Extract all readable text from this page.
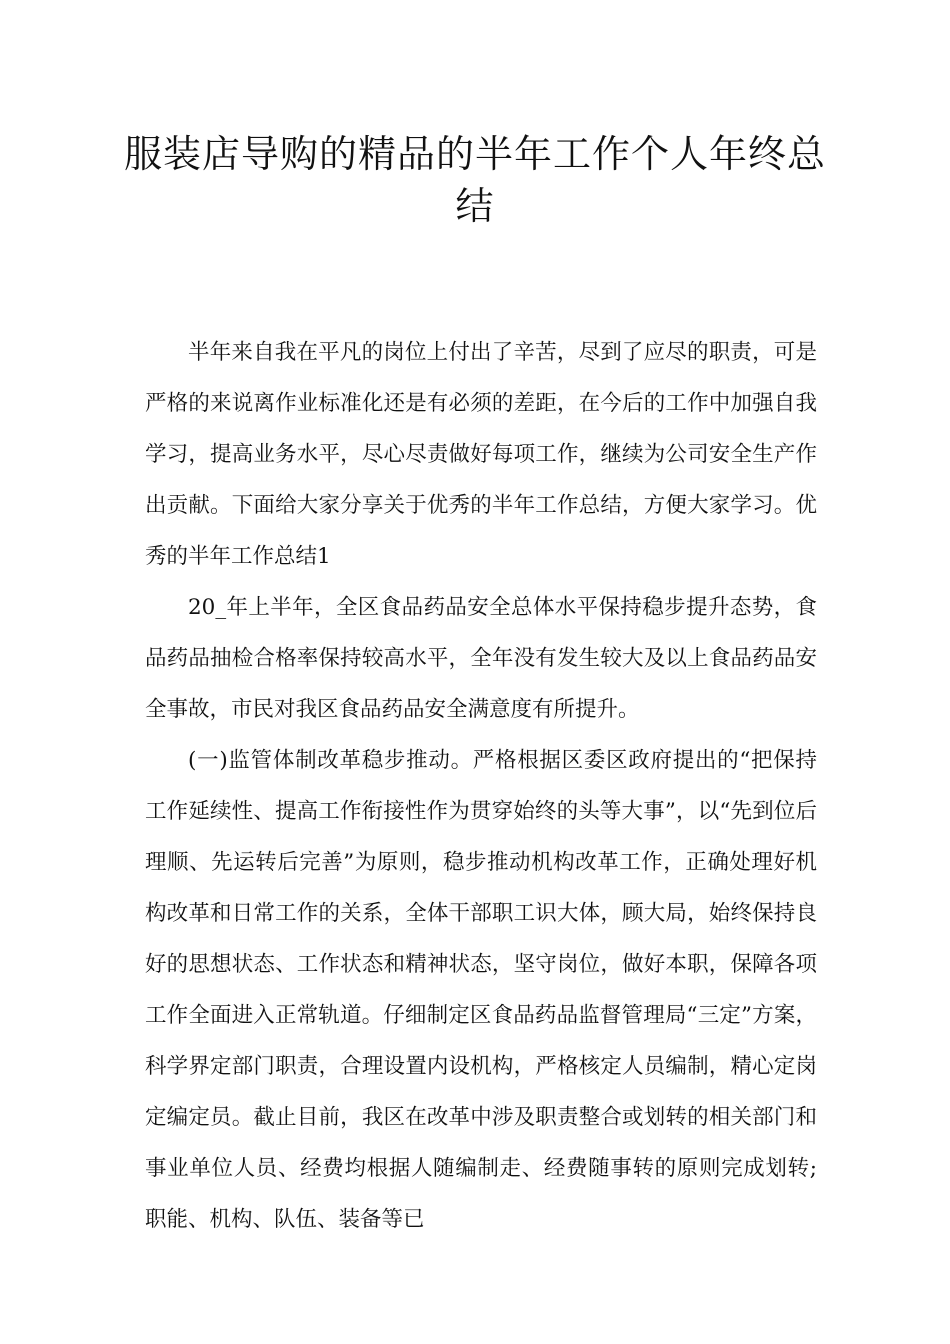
服装店导购的精品的半年工作个人年终总结

半年来自我在平凡的岗位上付出了辛苦，尽到了应尽的职责，可是严格的来说离作业标准化还是有必须的差距，在今后的工作中加强自我学习，提高业务水平，尽心尽责做好每项工作，继续为公司安全生产作出贡献。下面给大家分享关于优秀的半年工作总结，方便大家学习。优秀的半年工作总结1

20_年上半年，全区食品药品安全总体水平保持稳步提升态势，食品药品抽检合格率保持较高水平，全年没有发生较大及以上食品药品安全事故，市民对我区食品药品安全满意度有所提升。

(一)监管体制改革稳步推动。严格根据区委区政府提出的“把保持工作延续性、提高工作衔接性作为贯穿始终的头等大事”，以“先到位后理顺、先运转后完善”为原则，稳步推动机构改革工作，正确处理好机构改革和日常工作的关系，全体干部职工识大体，顾大局，始终保持良好的思想状态、工作状态和精神状态，坚守岗位，做好本职，保障各项工作全面进入正常轨道。仔细制定区食品药品监督管理局“三定”方案，科学界定部门职责，合理设置内设机构，严格核定人员编制，精心定岗定编定员。截止目前，我区在改革中涉及职责整合或划转的相关部门和事业单位人员、经费均根据人随编制走、经费随事转的原则完成划转;职能、机构、队伍、装备等已
